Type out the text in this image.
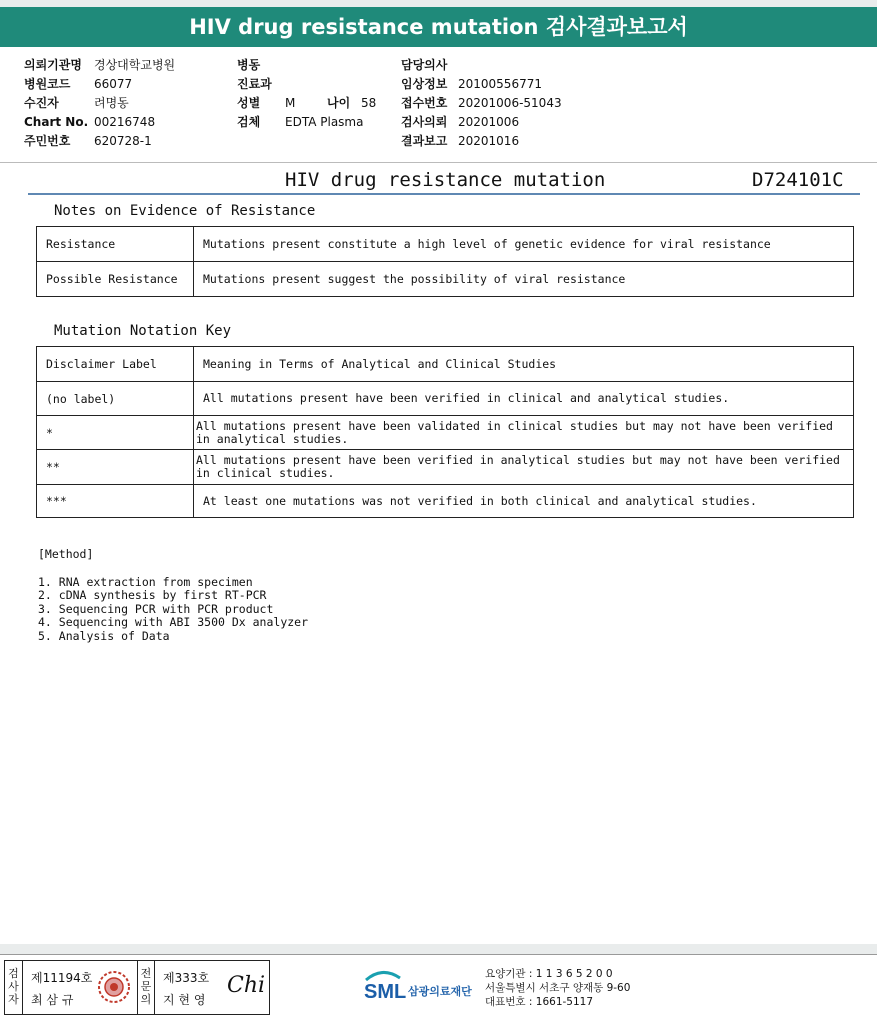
HIV drug resistance mutation 검사결과보고서
의뢰기관명 경상대학교병원
병원코드 66077
수진자	려명동
Chart No. 00216748
주민번호 620728-1
병동
진료과
성별 M	나이 58
검체 EDTA Plasma
담당의사
임상정보 20100556771
접수번호 20201006-51043
검사의뢰 20201006
결과보고 20201016
HIV drug resistance mutation	D724101C
Notes on Evidence of Resistance
Resistance	Mutations present constitute a high level of genetic evidence for viral resistance
Possible Resistance	Mutations present suggest the possibility of viral resistance
Mutation Notation Key
Disclaimer Label	Meaning in Terms of Analytical and Clinical Studies
(no label)	All mutations present have been verified in clinical and analytical studies.
*	All mutations present have been validated in clinical studies but may not have been verified in analytical studies.
**	All mutations present have been verified in analytical studies but may not have been verified in clinical studies.
***	At least one mutations was not verified in both clinical and analytical studies.
[Method]
1. RNA extraction from specimen
2. cDNA synthesis by first RT-PCR
3. Sequencing PCR with PCR product
4. Sequencing with ABI 3500 Dx analyzer
5. Analysis of Data
검사자
제11194호
최 삼 규
전문의
제333호
지 현 영
Chi	SML 삼광의료재단
요양기관 : 1 1 3 6 5 2 0 0
서울특별시 서초구 양재동 9-60
대표번호 : 1661-5117
